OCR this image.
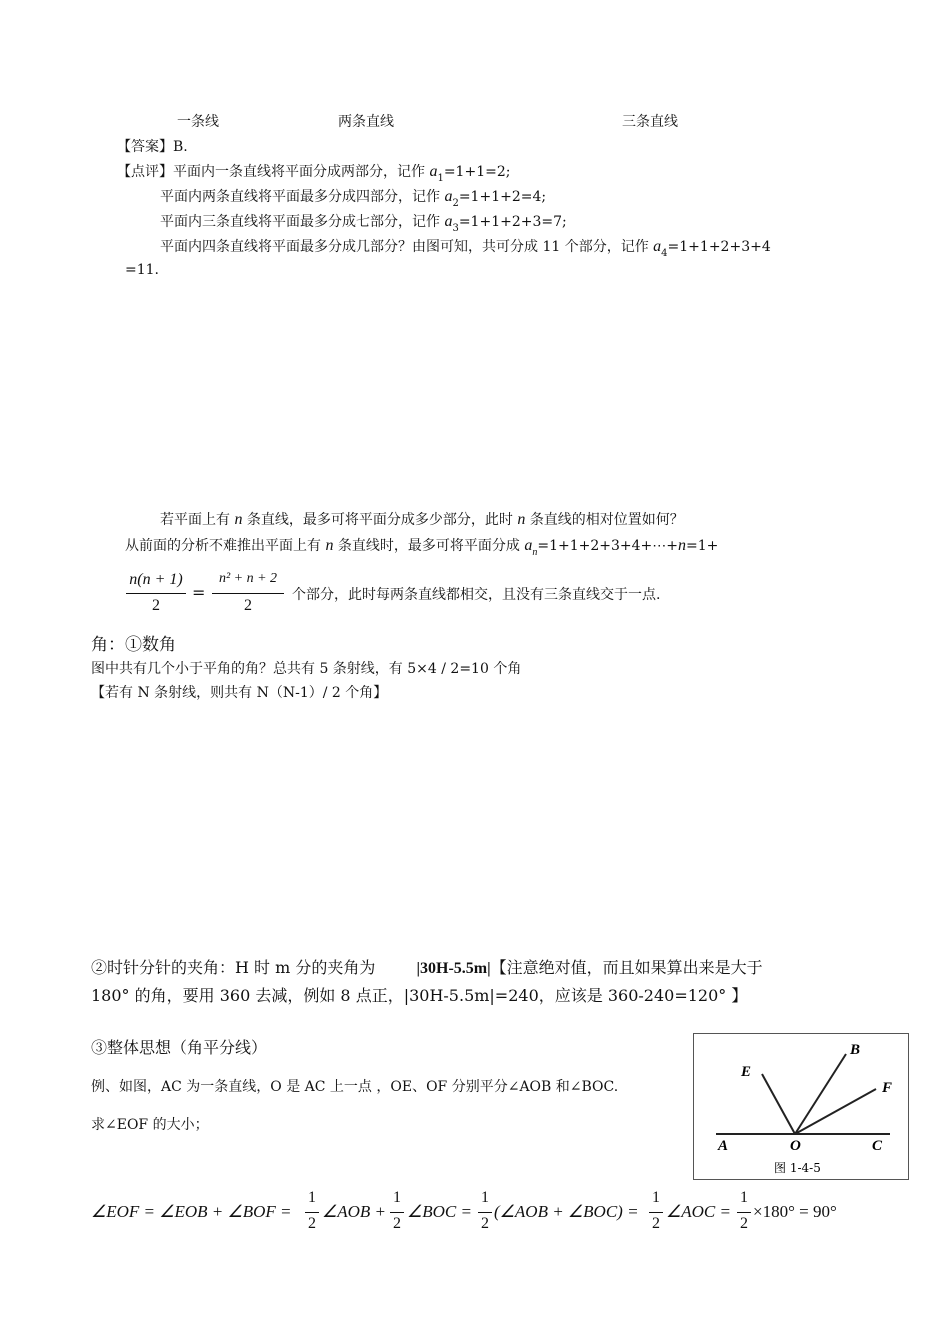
一条线	两条直线	三条直线
【答案】B.
【点评】平面内一条直线将平面分成两部分，记作 $a_1=1+1=2$;
平面内两条直线将平面最多分成四部分，记作 $a_2=1+1+2=4$;
平面内三条直线将平面最多分成七部分，记作 $a_3=1+1+2+3=7$;
平面内四条直线将平面最多分成几部分？由图可知，共可分成 11 个部分，记作 $a_4=1+1+2+3+4$
=11.
若平面上有 n 条直线，最多可将平面分成多少部分，此时 n 条直线的相对位置如何？
从前面的分析不难推出平面上有 n 条直线时，最多可将平面分成 $a_n=1+1+2+3+4+\cdots+n=1+$
n(n + 1)
2
=
n² + n + 2
2
个部分，此时每两条直线都相交，且没有三条直线交于一点.
角：①数角
图中共有几个小于平角的角？总共有 5 条射线，有 5×4 / 2=10 个角
【若有 N 条射线，则共有 N（N-1）/ 2 个角】
②时针分针的夹角：H 时 m 分的夹角为	|30H-5.5m|【注意绝对值，而且如果算出来是大于
180° 的角，要用 360 去减，例如 8 点正，|30H-5.5m|=240，应该是 360-240=120° 】
③整体思想（角平分线）
例、如图，AC 为一条直线，O 是 AC 上一点 ，OE、OF 分别平分∠AOB 和∠BOC.
求∠EOF 的大小；
E
B
F
A	O	C
图 1-4-5
∠EOF = ∠EOB + ∠BOF =
1
2
∠AOB +
1
2
∠BOC =
1
2
(∠AOB + ∠BOC) =
1
2
∠AOC =
1
2
×180° = 90°
